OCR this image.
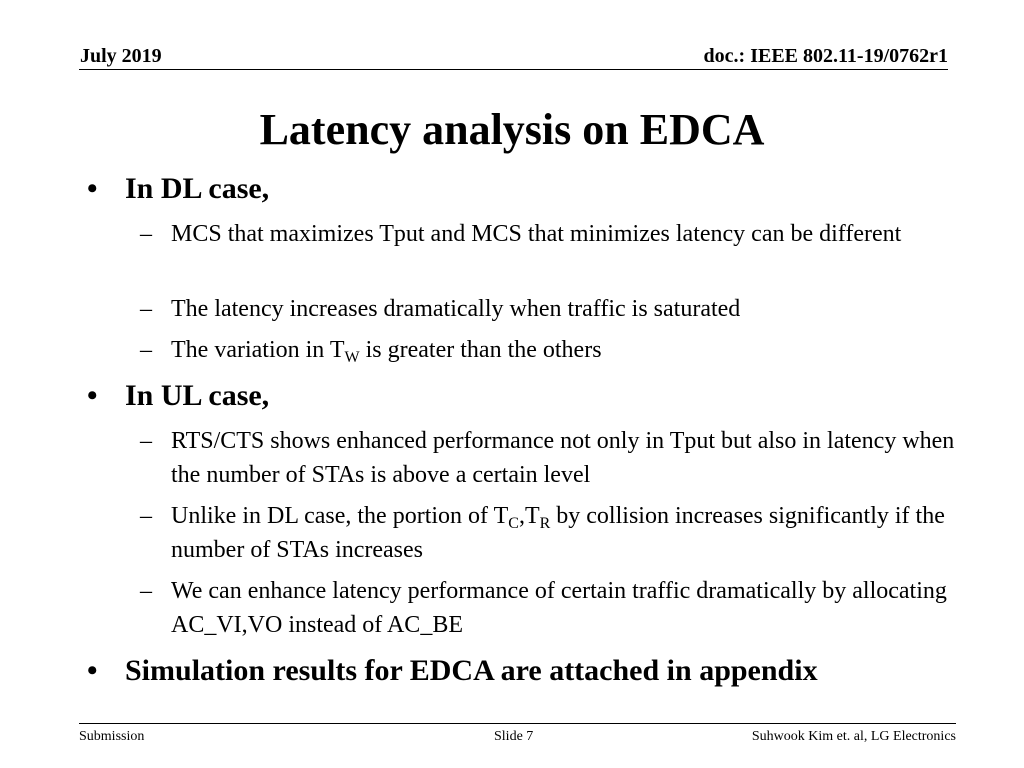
July 2019	doc.: IEEE 802.11-19/0762r1
Latency analysis on EDCA
• In DL case,
– MCS that maximizes Tput and MCS that minimizes latency can be different
– The latency increases dramatically when traffic is saturated
– The variation in $T_W$ is greater than the others
• In UL case,
– RTS/CTS shows enhanced performance not only in Tput but also in latency when the number of STAs is above a certain level
– Unlike in DL case, the portion of $T_C,T_R$ by collision increases significantly if the number of STAs increases
– We can enhance latency performance of certain traffic dramatically by allocating AC_VI,VO instead of AC_BE
• Simulation results for EDCA are attached in appendix
Submission	Slide 7	Suhwook Kim et. al, LG Electronics
